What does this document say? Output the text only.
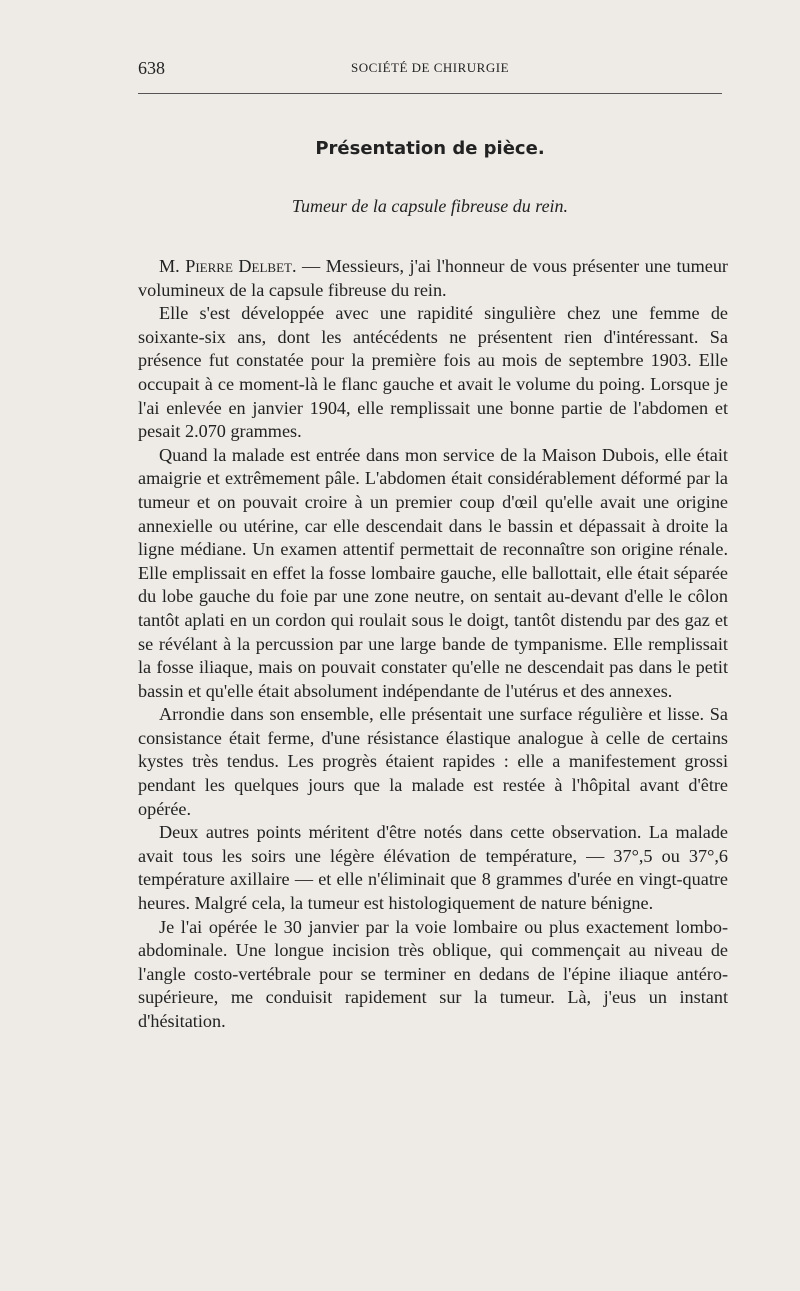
638	SOCIÉTÉ DE CHIRURGIE
Présentation de pièce.
Tumeur de la capsule fibreuse du rein.

M. Pierre Delbet. — Messieurs, j'ai l'honneur de vous présenter une tumeur volumineux de la capsule fibreuse du rein.

Elle s'est développée avec une rapidité singulière chez une femme de soixante-six ans, dont les antécédents ne présentent rien d'intéressant. Sa présence fut constatée pour la première fois au mois de septembre 1903. Elle occupait à ce moment-là le flanc gauche et avait le volume du poing. Lorsque je l'ai enlevée en janvier 1904, elle remplissait une bonne partie de l'abdomen et pesait 2.070 grammes.

Quand la malade est entrée dans mon service de la Maison Dubois, elle était amaigrie et extrêmement pâle. L'abdomen était considérablement déformé par la tumeur et on pouvait croire à un premier coup d'œil qu'elle avait une origine annexielle ou utérine, car elle descendait dans le bassin et dépassait à droite la ligne médiane. Un examen attentif permettait de reconnaître son origine rénale. Elle emplissait en effet la fosse lombaire gauche, elle ballottait, elle était séparée du lobe gauche du foie par une zone neutre, on sentait au-devant d'elle le côlon tantôt aplati en un cordon qui roulait sous le doigt, tantôt distendu par des gaz et se révélant à la percussion par une large bande de tympanisme. Elle remplissait la fosse iliaque, mais on pouvait constater qu'elle ne descendait pas dans le petit bassin et qu'elle était absolument indépendante de l'utérus et des annexes.

Arrondie dans son ensemble, elle présentait une surface régulière et lisse. Sa consistance était ferme, d'une résistance élastique analogue à celle de certains kystes très tendus. Les progrès étaient rapides : elle a manifestement grossi pendant les quelques jours que la malade est restée à l'hôpital avant d'être opérée.

Deux autres points méritent d'être notés dans cette observation. La malade avait tous les soirs une légère élévation de température, — 37°,5 ou 37°,6 température axillaire — et elle n'éliminait que 8 grammes d'urée en vingt-quatre heures. Malgré cela, la tumeur est histologiquement de nature bénigne.

Je l'ai opérée le 30 janvier par la voie lombaire ou plus exactement lombo-abdominale. Une longue incision très oblique, qui commençait au niveau de l'angle costo-vertébrale pour se terminer en dedans de l'épine iliaque antéro-supérieure, me conduisit rapidement sur la tumeur. Là, j'eus un instant d'hésitation.
